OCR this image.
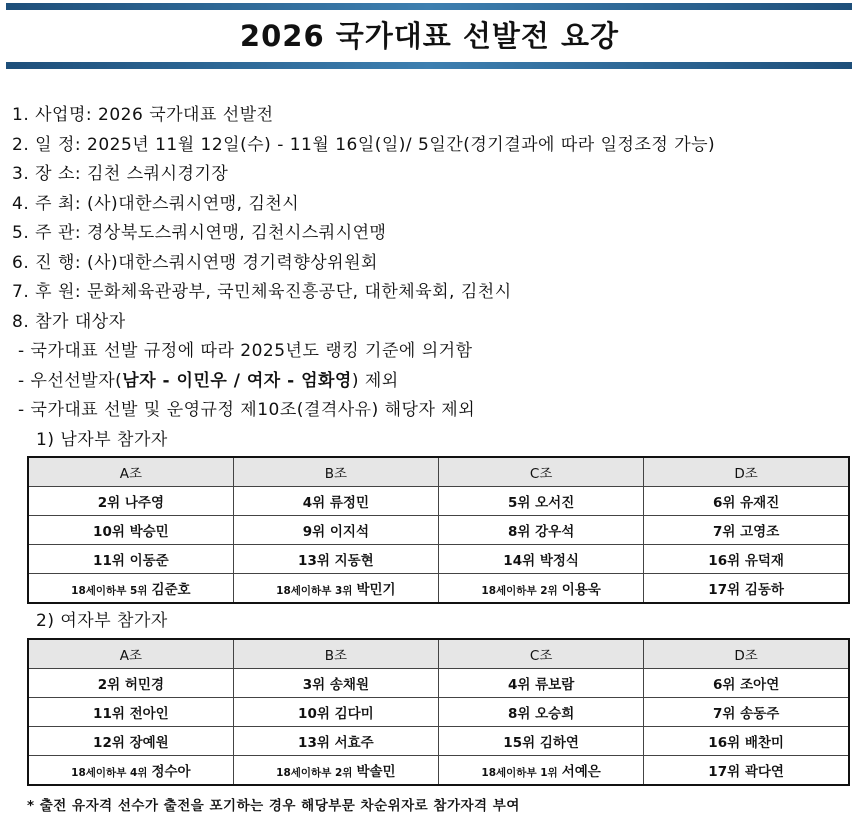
2026 국가대표 선발전 요강
1. 사업명: 2026 국가대표 선발전
2. 일 정: 2025년 11월 12일(수) - 11월 16일(일)/ 5일간(경기결과에 따라 일정조정 가능)
3. 장 소: 김천 스쿼시경기장
4. 주 최: (사)대한스쿼시연맹, 김천시
5. 주 관: 경상북도스쿼시연맹, 김천시스쿼시연맹
6. 진 행: (사)대한스쿼시연맹 경기력향상위원회
7. 후 원: 문화체육관광부, 국민체육진흥공단, 대한체육회, 김천시
8. 참가 대상자
- 국가대표 선발 규정에 따라 2025년도 랭킹 기준에 의거함
- 우선선발자(남자 - 이민우 / 여자 - 엄화영) 제외
- 국가대표 선발 및 운영규정 제10조(결격사유) 해당자 제외
1) 남자부 참가자
A조	B조	C조	D조
2위 나주영	4위 류정민	5위 오서진	6위 유재진
10위 박승민	9위 이지석	8위 강우석	7위 고영조
11위 이동준	13위 지동현	14위 박정식	16위 유덕재
18세이하부 5위 김준호	18세이하부 3위 박민기	18세이하부 2위 이용욱	17위 김동하
2) 여자부 참가자
A조	B조	C조	D조
2위 허민경	3위 송채원	4위 류보람	6위 조아연
11위 전아인	10위 김다미	8위 오승희	7위 송동주
12위 장예원	13위 서효주	15위 김하연	16위 배찬미
18세이하부 4위 정수아	18세이하부 2위 박솔민	18세이하부 1위 서예은	17위 곽다연
* 출전 유자격 선수가 출전을 포기하는 경우 해당부문 차순위자로 참가자격 부여
